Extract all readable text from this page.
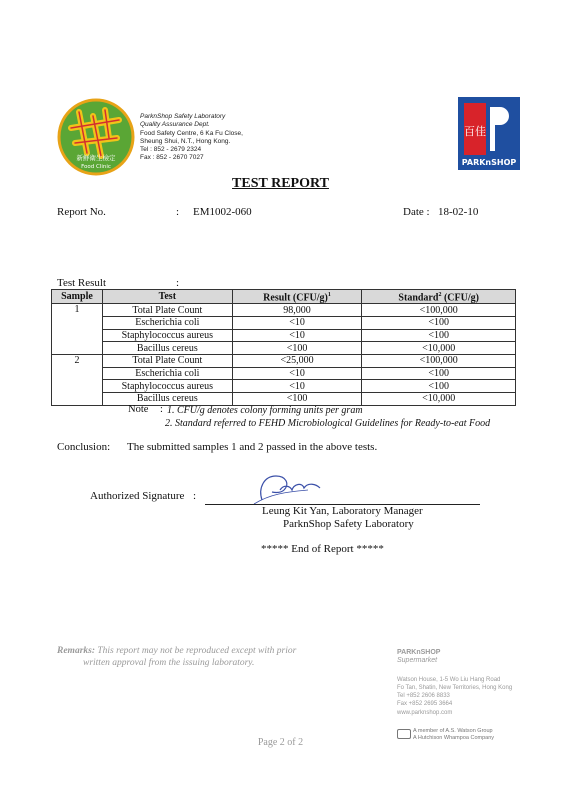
新鮮衛生檢定
Food Clinic
ParknShop Safety Laboratory
Quality Assurance Dept.
Food Safety Centre, 6 Ka Fu Close,
Sheung Shui, N.T., Hong Kong.
Tel : 852 - 2679 2324
Fax : 852 - 2670 7027
百佳
PARKnSHOP
TEST REPORT
Report No.	: EM1002-060	Date : 18-02-10
Test Result	:
Sample	Test	Result $(CFU/g)^1$	Standard$^2$ (CFU/g)
1	Total Plate Count	98,000	<100,000
	Escherichia coli	<10	<100
	Staphylococcus aureus	<10	<100
	Bacillus cereus	<100	<10,000
2	Total Plate Count	<25,000	<100,000
	Escherichia coli	<10	<100
	Staphylococcus aureus	<10	<100
	Bacillus cereus	<100	<10,000
Note : 1. CFU/g denotes colony forming units per gram
2. Standard referred to FEHD Microbiological Guidelines for Ready-to-eat Food
Conclusion: The submitted samples 1 and 2 passed in the above tests.
Authorized Signature :
Leung Kit Yan, Laboratory Manager
ParknShop Safety Laboratory
***** End of Report *****
Remarks: This report may not be reproduced except with prior
written approval from the issuing laboratory.
PARKnSHOP
Supermarket
Watson House, 1-5 Wo Liu Hang Road
Fo Tan, Shatin, New Territories, Hong Kong
Tel +852 2606 8833
Fax +852 2695 3664
www.parknshop.com
A member of A.S. Watson Group
A Hutchison Whampoa Company
Page 2 of 2
